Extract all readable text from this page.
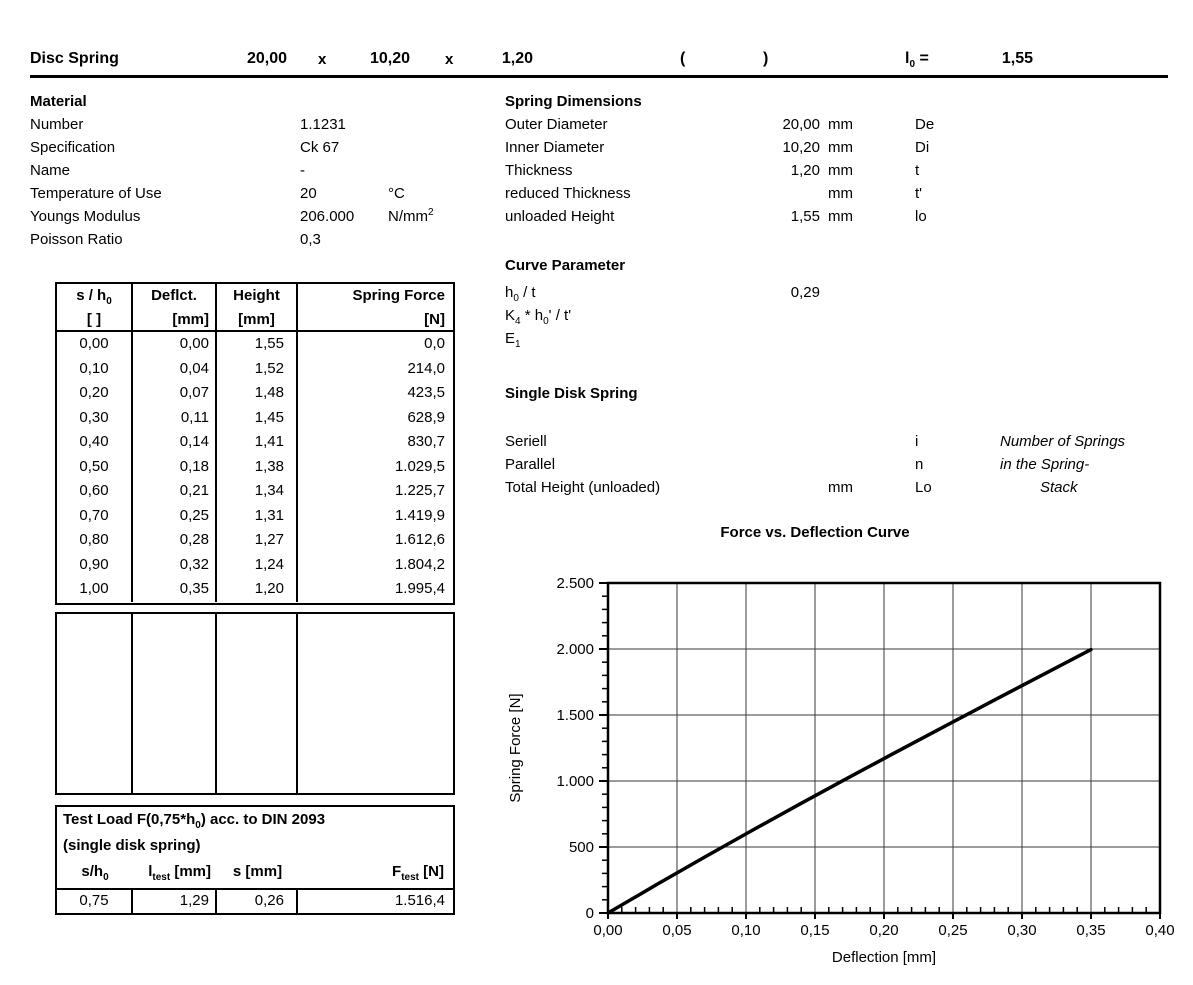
Disc Spring	20,00 x	10,20 x	1,20	(	)	$l_0$ =	1,55
Material
Number	1.1231
Specification	Ck 67
Name	-
Temperature of Use	20	°C
Youngs Modulus	206.000 $N/mm^2$
Poisson Ratio	0,3
Spring Dimensions
Outer Diameter	20,00 mm	De
Inner Diameter	10,20 mm	Di
Thickness	1,20 mm	t
reduced Thickness	mm	t'
unloaded Height	1,55 mm	lo
Curve Parameter
$h_0$ / t	0,29
$K_4 * h_0'$ / t'
$E_1$
Single Disk Spring
Seriell	i	Number of Springs
Parallel	n	in the Spring-
Total Height (unloaded)	mm	Lo	Stack
s / $h_0$	Deflct.	Height	Spring Force
[ ]	[mm]	[mm]	[N]
0,00	0,00	1,55	0,0
0,10	0,04	1,52	214,0
0,20	0,07	1,48	423,5
0,30	0,11	1,45	628,9
0,40	0,14	1,41	830,7
0,50	0,18	1,38	1.029,5
0,60	0,21	1,34	1.225,7
0,70	0,25	1,31	1.419,9
0,80	0,28	1,27	1.612,6
0,90	0,32	1,24	1.804,2
1,00	0,35	1,20	1.995,4
Test Load $F(0,75*h_0)$ acc. to DIN 2093
(single disk spring)
$s/h_0$	$l_{test}$ [mm]	s [mm]	$F_{test}$ [N]
0,75	1,29	0,26	1.516,4
0,00	0,05	0,10	0,15	0,20	0,25	0,30	0,35	0,40
0
500
1.000
1.500
2.000
2.500
Force vs. Deflection Curve
Deflection [mm]
Spring Force [N]
